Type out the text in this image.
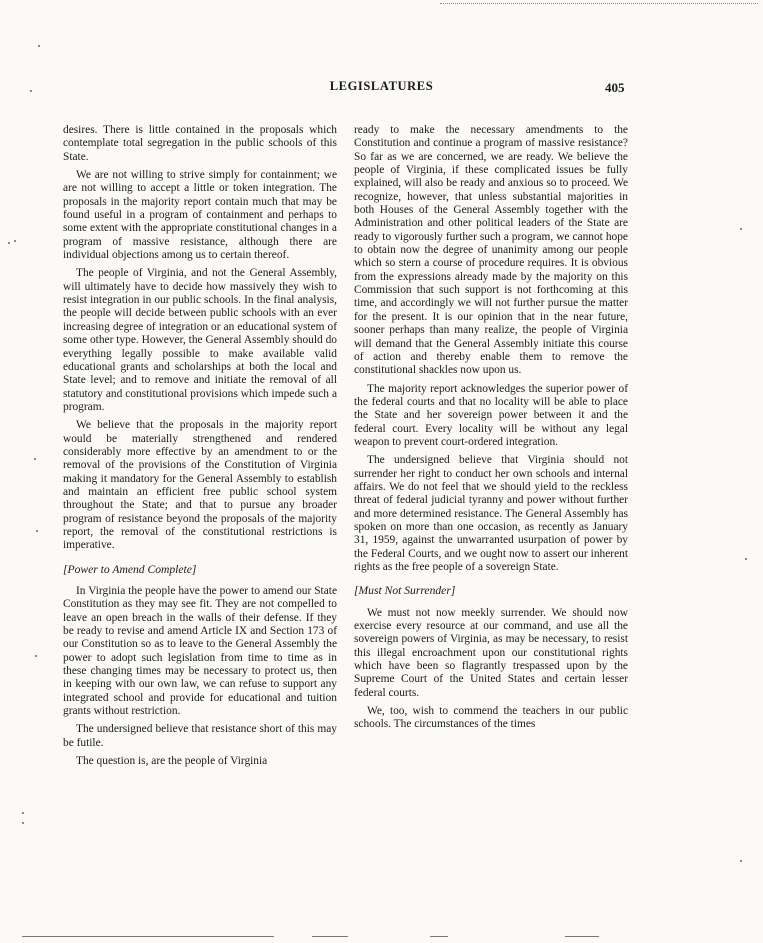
LEGISLATURES	405

desires. There is little contained in the proposals which contemplate total segregation in the public schools of this State.

We are not willing to strive simply for containment; we are not willing to accept a little or token integration. The proposals in the majority report contain much that may be found useful in a program of containment and perhaps to some extent with the appropriate constitutional changes in a program of massive resistance, although there are individual objections among us to certain thereof.

The people of Virginia, and not the General Assembly, will ultimately have to decide how massively they wish to resist integration in our public schools. In the final analysis, the people will decide between public schools with an ever increasing degree of integration or an educational system of some other type. However, the General Assembly should do everything legally possible to make available valid educational grants and scholarships at both the local and State level; and to remove and initiate the removal of all statutory and constitutional provisions which impede such a program.

We believe that the proposals in the majority report would be materially strengthened and rendered considerably more effective by an amendment to or the removal of the provisions of the Constitution of Virginia making it mandatory for the General Assembly to establish and maintain an efficient free public school system throughout the State; and that to pursue any broader program of resistance beyond the proposals of the majority report, the removal of the constitutional restrictions is imperative.

[Power to Amend Complete]

In Virginia the people have the power to amend our State Constitution as they may see fit. They are not compelled to leave an open breach in the walls of their defense. If they be ready to revise and amend Article IX and Section 173 of our Constitution so as to leave to the General Assembly the power to adopt such legislation from time to time as in these changing times may be necessary to protect us, then in keeping with our own law, we can refuse to support any integrated school and provide for educational and tuition grants without restriction.

The undersigned believe that resistance short of this may be futile.

The question is, are the people of Virginia

ready to make the necessary amendments to the Constitution and continue a program of massive resistance? So far as we are concerned, we are ready. We believe the people of Virginia, if these complicated issues be fully explained, will also be ready and anxious so to proceed. We recognize, however, that unless substantial majorities in both Houses of the General Assembly together with the Administration and other political leaders of the State are ready to vigorously further such a program, we cannot hope to obtain now the degree of unanimity among our people which so stern a course of procedure requires. It is obvious from the expressions already made by the majority on this Commission that such support is not forthcoming at this time, and accordingly we will not further pursue the matter for the present. It is our opinion that in the near future, sooner perhaps than many realize, the people of Virginia will demand that the General Assembly initiate this course of action and thereby enable them to remove the constitutional shackles now upon us.

The majority report acknowledges the superior power of the federal courts and that no locality will be able to place the State and her sovereign power between it and the federal court. Every locality will be without any legal weapon to prevent court-ordered integration.

The undersigned believe that Virginia should not surrender her right to conduct her own schools and internal affairs. We do not feel that we should yield to the reckless threat of federal judicial tyranny and power without further and more determined resistance. The General Assembly has spoken on more than one occasion, as recently as January 31, 1959, against the unwarranted usurpation of power by the Federal Courts, and we ought now to assert our inherent rights as the free people of a sovereign State.

[Must Not Surrender]

We must not now meekly surrender. We should now exercise every resource at our command, and use all the sovereign powers of Virginia, as may be necessary, to resist this illegal encroachment upon our constitutional rights which have been so flagrantly trespassed upon by the Supreme Court of the United States and certain lesser federal courts.

We, too, wish to commend the teachers in our public schools. The circumstances of the times
